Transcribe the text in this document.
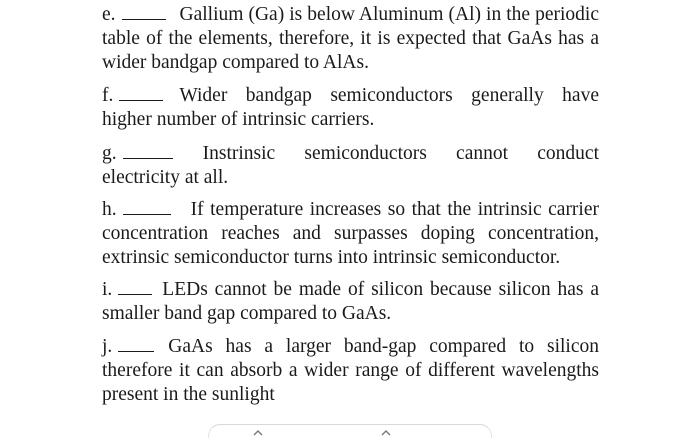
e.	Gallium (Ga) is below Aluminum (Al) in the periodic table of the elements, therefore, it is expected that GaAs has a wider bandgap compared to AlAs.

f.	Wider bandgap semiconductors generally have higher number of intrinsic carriers.

g.	Instrinsic semiconductors cannot conduct electricity at all.

h.	If temperature increases so that the intrinsic carrier concentration reaches and surpasses doping concentration, extrinsic semiconductor turns into intrinsic semiconductor.

i.	LEDs cannot be made of silicon because silicon has a smaller band gap compared to GaAs.

j.	GaAs has a larger band-gap compared to silicon therefore it can absorb a wider range of different wavelengths present in the sunlight
